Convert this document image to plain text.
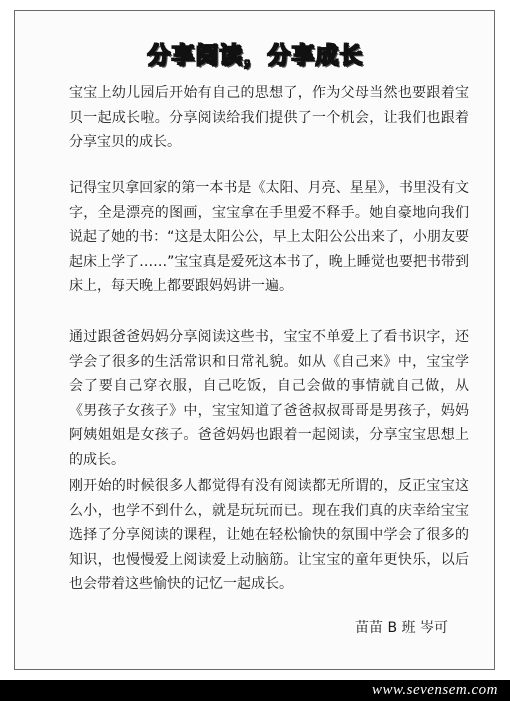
分享阅读，分享成长

宝宝上幼儿园后开始有自己的思想了，作为父母当然也要跟着宝贝一起成长啦。分享阅读给我们提供了一个机会，让我们也跟着分享宝贝的成长。

记得宝贝拿回家的第一本书是《太阳、月亮、星星》，书里没有文字，全是漂亮的图画，宝宝拿在手里爱不释手。她自豪地向我们说起了她的书：“这是太阳公公，早上太阳公公出来了，小朋友要起床上学了……”宝宝真是爱死这本书了，晚上睡觉也要把书带到床上，每天晚上都要跟妈妈讲一遍。

通过跟爸爸妈妈分享阅读这些书，宝宝不单爱上了看书识字，还学会了很多的生活常识和日常礼貌。如从《自己来》中，宝宝学会了要自己穿衣服，自己吃饭，自己会做的事情就自己做，从《男孩子女孩子》中，宝宝知道了爸爸叔叔哥哥是男孩子，妈妈阿姨姐姐是女孩子。爸爸妈妈也跟着一起阅读，分享宝宝思想上的成长。

刚开始的时候很多人都觉得有没有阅读都无所谓的，反正宝宝这么小，也学不到什么，就是玩玩而已。现在我们真的庆幸给宝宝选择了分享阅读的课程，让她在轻松愉快的氛围中学会了很多的知识，也慢慢爱上阅读爱上动脑筋。让宝宝的童年更快乐，以后也会带着这些愉快的记忆一起成长。

苗苗 B 班 岑可
www.sevensem.com
